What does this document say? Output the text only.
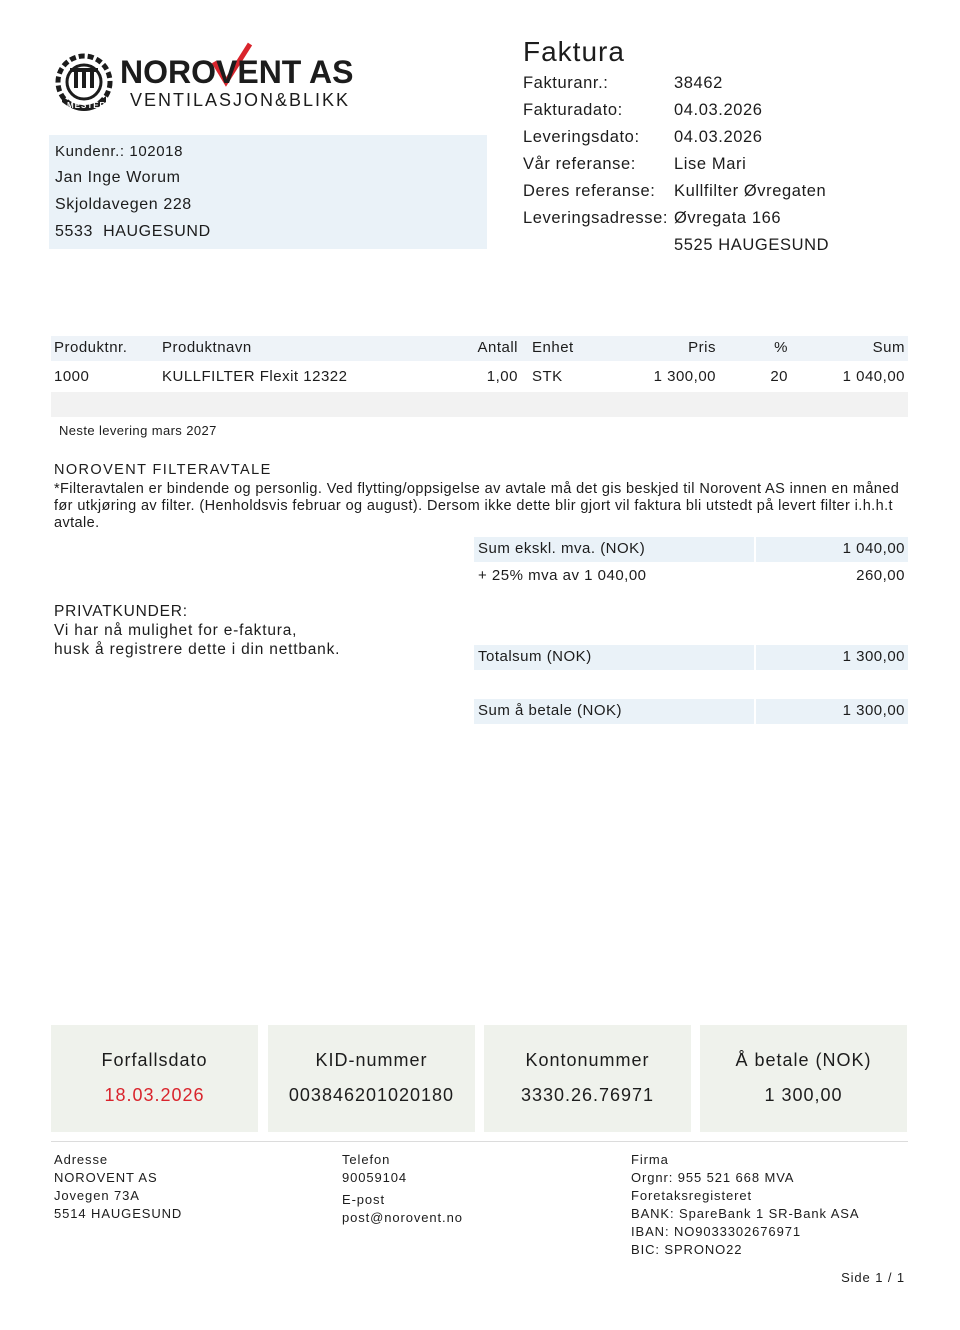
NOROVENT AS
VENTILASJON&BLIKK
MESTER
Kundenr.: 102018
Jan Inge Worum
Skjoldavegen 228
5533  HAUGESUND
Faktura
Fakturanr.:	38462
Fakturadato:	04.03.2026
Leveringsdato: 04.03.2026
Vår referanse: Lise Mari
Deres referanse: Kullfilter Øvregaten
Leveringsadresse: Øvregata 166
5525 HAUGESUND
Produktnr. Produktnavn	Antall Enhet	Pris	%	Sum
1000	KULLFILTER Flexit 12322	1,00 STK	1 300,00	20	1 040,00
Neste levering mars 2027
NOROVENT FILTERAVTALE
*Filteravtalen er bindende og personlig. Ved flytting/oppsigelse av avtale må det gis beskjed til Norovent AS innen en måned før utkjøring av filter. (Henholdsvis februar og august). Dersom ikke dette blir gjort vil faktura bli utstedt på levert filter i.h.h.t avtale.
Sum ekskl. mva. (NOK)	1 040,00
+ 25% mva av 1 040,00	260,00
Totalsum (NOK)	1 300,00
Sum å betale (NOK)	1 300,00
PRIVATKUNDER:
Vi har nå mulighet for e-faktura,
husk å registrere dette i din nettbank.
Forfallsdato
18.03.2026
KID-nummer
003846201020180
Kontonummer
3330.26.76971
Å betale (NOK)
1 300,00
Adresse
NOROVENT AS
Jovegen 73A
5514 HAUGESUND
Telefon
90059104
E-post
post@norovent.no
Firma
Orgnr: 955 521 668 MVA
Foretaksregisteret
BANK: SpareBank 1 SR-Bank ASA
IBAN: NO9033302676971
BIC: SPRONO22
Side 1 / 1
